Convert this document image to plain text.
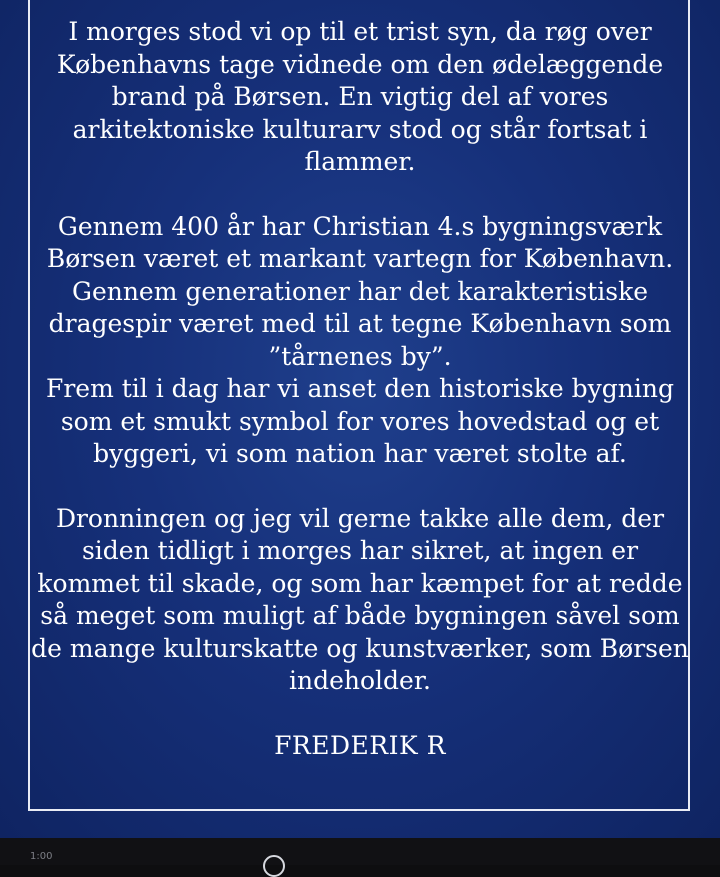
I morges stod vi op til et trist syn, da røg over Københavns tage vidnede om den ødelæggende brand på Børsen. En vigtig del af vores arkitektoniske kulturarv stod og står fortsat i flammer.

Gennem 400 år har Christian 4.s bygningsværk Børsen været et markant vartegn for København. Gennem generationer har det karakteristiske dragespir været med til at tegne København som ”tårnenes by”.

Frem til i dag har vi anset den historiske bygning som et smukt symbol for vores hovedstad og et byggeri, vi som nation har været stolte af.

Dronningen og jeg vil gerne takke alle dem, der siden tidligt i morges har sikret, at ingen er kommet til skade, og som har kæmpet for at redde så meget som muligt af både bygningen såvel som de mange kulturskatte og kunstværker, som Børsen indeholder.

FREDERIK R

1:00
